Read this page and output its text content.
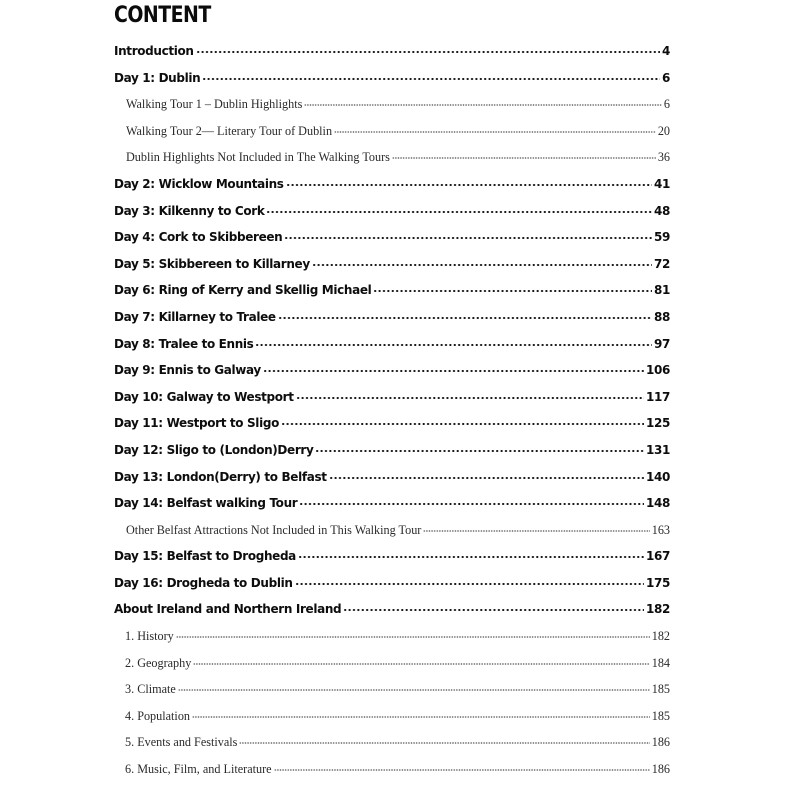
CONTENT
Introduction	4
Day 1: Dublin	6
Walking Tour 1 – Dublin Highlights	6
Walking Tour 2— Literary Tour of Dublin	20
Dublin Highlights Not Included in The Walking Tours	36
Day 2: Wicklow Mountains	41
Day 3: Kilkenny to Cork	48
Day 4: Cork to Skibbereen	59
Day 5: Skibbereen to Killarney	72
Day 6: Ring of Kerry and Skellig Michael	81
Day 7: Killarney to Tralee	88
Day 8: Tralee to Ennis	97
Day 9: Ennis to Galway	106
Day 10: Galway to Westport	117
Day 11: Westport to Sligo	125
Day 12: Sligo to (London)Derry	131
Day 13: London(Derry) to Belfast	140
Day 14: Belfast walking Tour	148
Other Belfast Attractions Not Included in This Walking Tour	163
Day 15: Belfast to Drogheda	167
Day 16: Drogheda to Dublin	175
About Ireland and Northern Ireland	182
1. History	182
2. Geography	184
3. Climate	185
4. Population	185
5. Events and Festivals	186
6. Music, Film, and Literature	186
